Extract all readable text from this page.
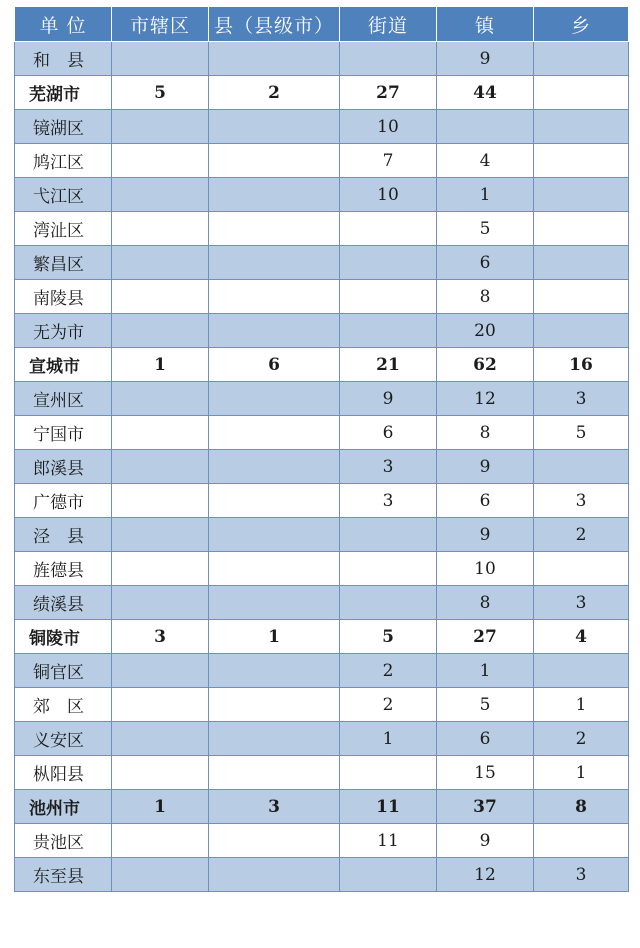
单 位	市辖区	县（县级市）	街道	镇	乡
和　县				9	
芜湖市	5	2	27	44	
镜湖区			10		
鸠江区			7	4	
弋江区			10	1	
湾沚区				5	
繁昌区				6	
南陵县				8	
无为市				20	
宣城市	1	6	21	62	16
宣州区			9	12	3
宁国市			6	8	5
郎溪县			3	9	
广德市			3	6	3
泾　县				9	2
旌德县				10	
绩溪县				8	3
铜陵市	3	1	5	27	4
铜官区			2	1	
郊　区			2	5	1
义安区			1	6	2
枞阳县				15	1
池州市	1	3	11	37	8
贵池区			11	9	
东至县				12	3
